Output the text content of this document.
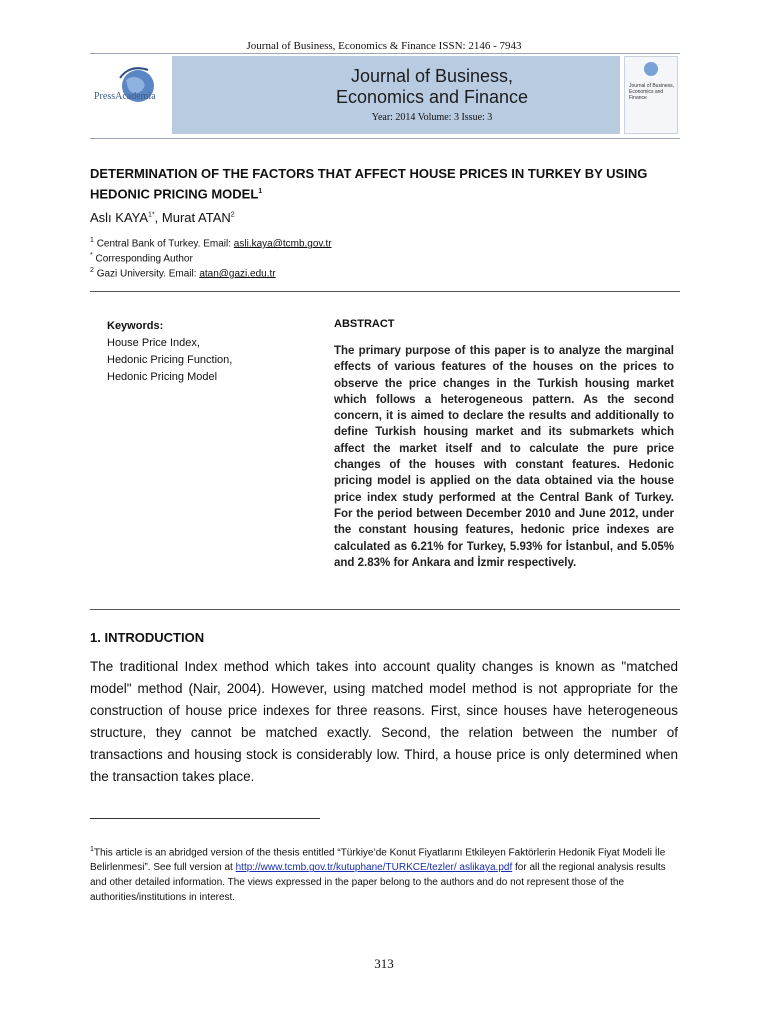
Journal of Business, Economics & Finance ISSN: 2146 - 7943
PressAcademia
Journal of Business,
Economics and Finance
Year: 2014 Volume: 3 Issue: 3
Journal of Business, Economics and Finance
DETERMINATION OF THE FACTORS THAT AFFECT HOUSE PRICES IN TURKEY BY USING HEDONIC PRICING MODEL$^1$
Aslı $KAYA^{1*}$, Murat ATAN$^2$
$^1$ Central Bank of Turkey. Email: asli.kaya@tcmb.gov.tr
* Corresponding Author
$^2$ Gazi University. Email: atan@gazi.edu.tr
Keywords:
House Price Index,
Hedonic Pricing Function,
Hedonic Pricing Model
ABSTRACT
The primary purpose of this paper is to analyze the marginal effects of various features of the houses on the prices to observe the price changes in the Turkish housing market which follows a heterogeneous pattern. As the second concern, it is aimed to declare the results and additionally to define Turkish housing market and its submarkets which affect the market itself and to calculate the pure price changes of the houses with constant features. Hedonic pricing model is applied on the data obtained via the house price index study performed at the Central Bank of Turkey. For the period between December 2010 and June 2012, under the constant housing features, hedonic price indexes are calculated as 6.21% for Turkey, 5.93% for İstanbul, and 5.05% and 2.83% for Ankara and İzmir respectively.
1. INTRODUCTION
The traditional Index method which takes into account quality changes is known as "matched model" method (Nair, 2004). However, using matched model method is not appropriate for the construction of house price indexes for three reasons. First, since houses have heterogeneous structure, they cannot be matched exactly. Second, the relation between the number of transactions and housing stock is considerably low. Third, a house price is only determined when the transaction takes place.
$^1$This article is an abridged version of the thesis entitled “Türkiye’de Konut Fiyatlarını Etkileyen Faktörlerin Hedonik Fiyat Modeli İle Belirlenmesi”. See full version at http://www.tcmb.gov.tr/kutuphane/TURKCE/tezler/ aslikaya.pdf for all the regional analysis results and other detailed information. The views expressed in the paper belong to the authors and do not represent those of the authorities/institutions in interest.
313
